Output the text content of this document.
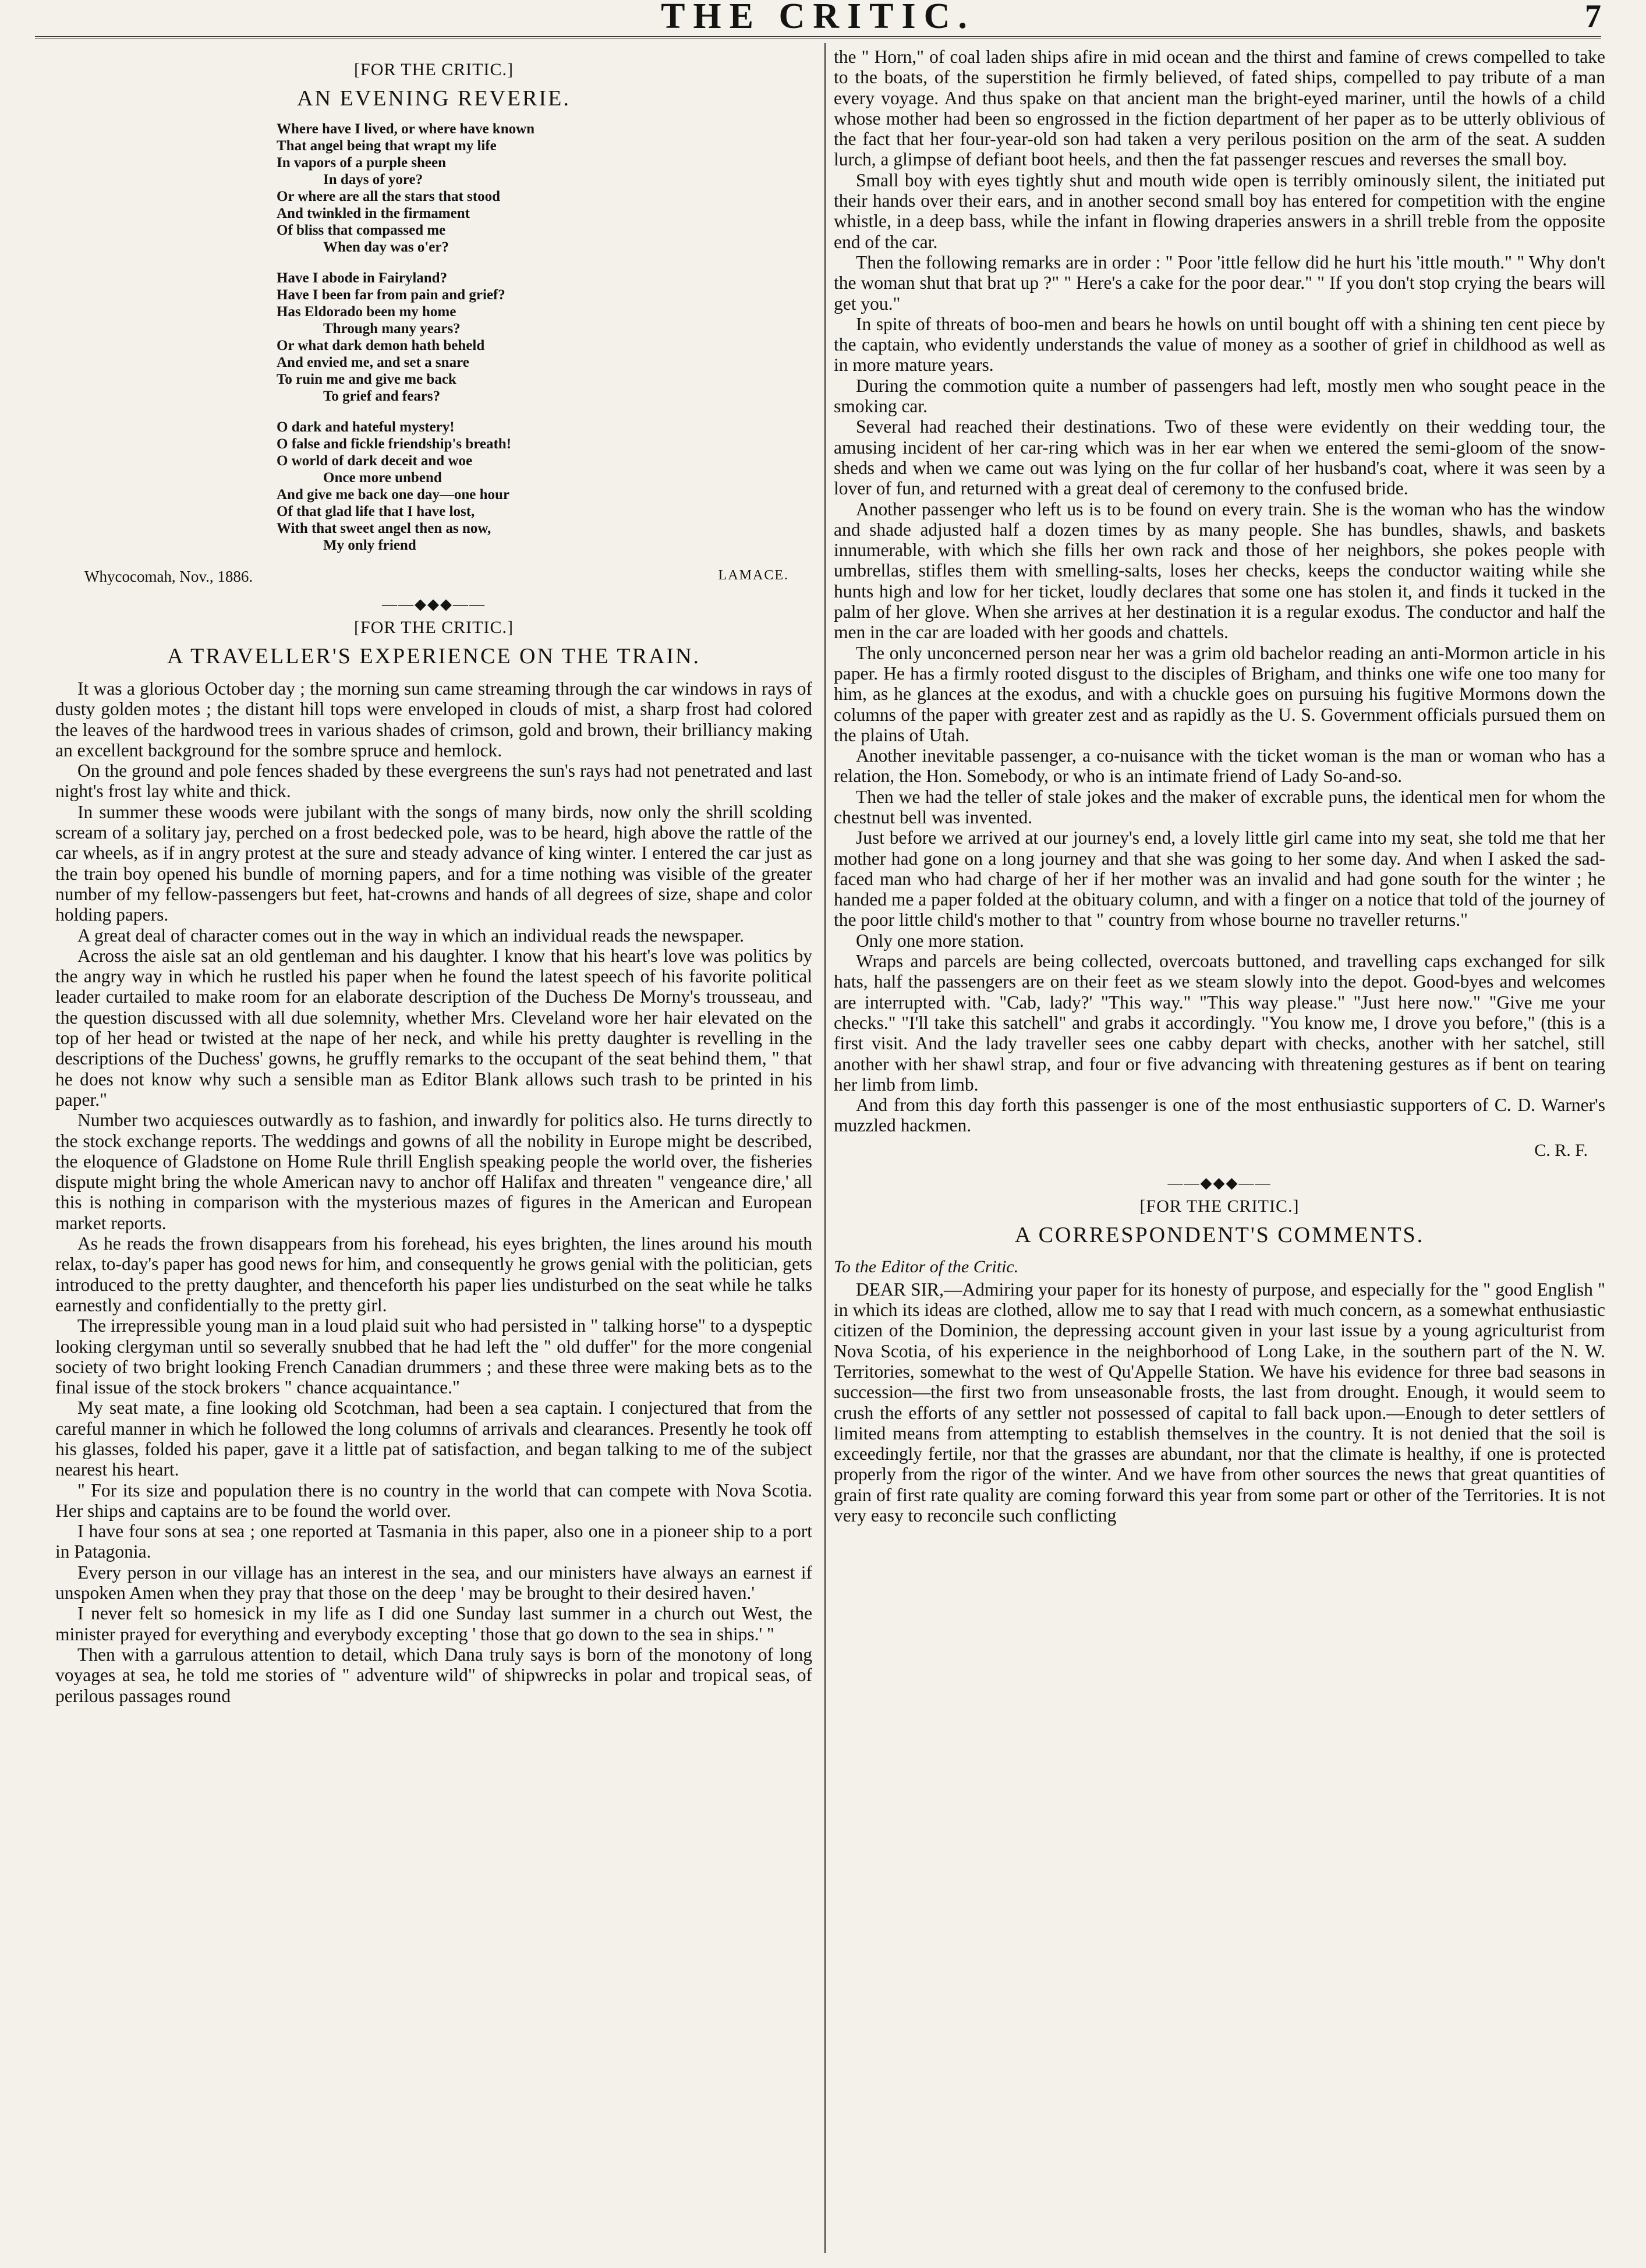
THE CRITIC.	7
[FOR THE CRITIC.]
AN EVENING REVERIE.
Where have I lived, or where have known
That angel being that wrapt my life
In vapors of a purple sheen
In days of yore?
Or where are all the stars that stood
And twinkled in the firmament
Of bliss that compassed me
When day was o'er?
Have I abode in Fairyland?
Have I been far from pain and grief?
Has Eldorado been my home
Through many years?
Or what dark demon hath beheld
And envied me, and set a snare
To ruin me and give me back
To grief and fears?
O dark and hateful mystery!
O false and fickle friendship's breath!
O world of dark deceit and woe
Once more unbend
And give me back one day—one hour
Of that glad life that I have lost,
With that sweet angel then as now,
My only friend
Whycocomah, Nov., 1886.	LAMACE.
——◆◆◆——
[FOR THE CRITIC.]
A TRAVELLER'S EXPERIENCE ON THE TRAIN.

It was a glorious October day ; the morning sun came streaming through the car windows in rays of dusty golden motes ; the distant hill tops were enveloped in clouds of mist, a sharp frost had colored the leaves of the hardwood trees in various shades of crimson, gold and brown, their brilliancy making an excellent background for the sombre spruce and hemlock.

On the ground and pole fences shaded by these evergreens the sun's rays had not penetrated and last night's frost lay white and thick.

In summer these woods were jubilant with the songs of many birds, now only the shrill scolding scream of a solitary jay, perched on a frost bedecked pole, was to be heard, high above the rattle of the car wheels, as if in angry protest at the sure and steady advance of king winter. I entered the car just as the train boy opened his bundle of morning papers, and for a time nothing was visible of the greater number of my fellow-passengers but feet, hat-crowns and hands of all degrees of size, shape and color holding papers.

A great deal of character comes out in the way in which an individual reads the newspaper.

Across the aisle sat an old gentleman and his daughter. I know that his heart's love was politics by the angry way in which he rustled his paper when he found the latest speech of his favorite political leader curtailed to make room for an elaborate description of the Duchess De Morny's trousseau, and the question discussed with all due solemnity, whether Mrs. Cleveland wore her hair elevated on the top of her head or twisted at the nape of her neck, and while his pretty daughter is revelling in the descriptions of the Duchess' gowns, he gruffly remarks to the occupant of the seat behind them, " that he does not know why such a sensible man as Editor Blank allows such trash to be printed in his paper."

Number two acquiesces outwardly as to fashion, and inwardly for politics also. He turns directly to the stock exchange reports. The weddings and gowns of all the nobility in Europe might be described, the eloquence of Gladstone on Home Rule thrill English speaking people the world over, the fisheries dispute might bring the whole American navy to anchor off Halifax and threaten " vengeance dire,' all this is nothing in comparison with the mysterious mazes of figures in the American and European market reports.

As he reads the frown disappears from his forehead, his eyes brighten, the lines around his mouth relax, to-day's paper has good news for him, and consequently he grows genial with the politician, gets introduced to the pretty daughter, and thenceforth his paper lies undisturbed on the seat while he talks earnestly and confidentially to the pretty girl.

The irrepressible young man in a loud plaid suit who had persisted in " talking horse" to a dyspeptic looking clergyman until so severally snubbed that he had left the " old duffer" for the more congenial society of two bright looking French Canadian drummers ; and these three were making bets as to the final issue of the stock brokers " chance acquaintance."

My seat mate, a fine looking old Scotchman, had been a sea captain. I conjectured that from the careful manner in which he followed the long columns of arrivals and clearances. Presently he took off his glasses, folded his paper, gave it a little pat of satisfaction, and began talking to me of the subject nearest his heart.

" For its size and population there is no country in the world that can compete with Nova Scotia. Her ships and captains are to be found the world over.

I have four sons at sea ; one reported at Tasmania in this paper, also one in a pioneer ship to a port in Patagonia.

Every person in our village has an interest in the sea, and our ministers have always an earnest if unspoken Amen when they pray that those on the deep ' may be brought to their desired haven.'

I never felt so homesick in my life as I did one Sunday last summer in a church out West, the minister prayed for everything and everybody excepting ' those that go down to the sea in ships.' "

Then with a garrulous attention to detail, which Dana truly says is born of the monotony of long voyages at sea, he told me stories of " adventure wild" of shipwrecks in polar and tropical seas, of perilous passages round

the " Horn," of coal laden ships afire in mid ocean and the thirst and famine of crews compelled to take to the boats, of the superstition he firmly believed, of fated ships, compelled to pay tribute of a man every voyage. And thus spake on that ancient man the bright-eyed mariner, until the howls of a child whose mother had been so engrossed in the fiction department of her paper as to be utterly oblivious of the fact that her four-year-old son had taken a very perilous position on the arm of the seat. A sudden lurch, a glimpse of defiant boot heels, and then the fat passenger rescues and reverses the small boy.

Small boy with eyes tightly shut and mouth wide open is terribly ominously silent, the initiated put their hands over their ears, and in another second small boy has entered for competition with the engine whistle, in a deep bass, while the infant in flowing draperies answers in a shrill treble from the opposite end of the car.

Then the following remarks are in order : " Poor 'ittle fellow did he hurt his 'ittle mouth." " Why don't the woman shut that brat up ?" " Here's a cake for the poor dear." " If you don't stop crying the bears will get you."

In spite of threats of boo-men and bears he howls on until bought off with a shining ten cent piece by the captain, who evidently understands the value of money as a soother of grief in childhood as well as in more mature years.

During the commotion quite a number of passengers had left, mostly men who sought peace in the smoking car.

Several had reached their destinations. Two of these were evidently on their wedding tour, the amusing incident of her car-ring which was in her ear when we entered the semi-gloom of the snow-sheds and when we came out was lying on the fur collar of her husband's coat, where it was seen by a lover of fun, and returned with a great deal of ceremony to the confused bride.

Another passenger who left us is to be found on every train. She is the woman who has the window and shade adjusted half a dozen times by as many people. She has bundles, shawls, and baskets innumerable, with which she fills her own rack and those of her neighbors, she pokes people with umbrellas, stifles them with smelling-salts, loses her checks, keeps the conductor waiting while she hunts high and low for her ticket, loudly declares that some one has stolen it, and finds it tucked in the palm of her glove. When she arrives at her destination it is a regular exodus. The conductor and half the men in the car are loaded with her goods and chattels.

The only unconcerned person near her was a grim old bachelor reading an anti-Mormon article in his paper. He has a firmly rooted disgust to the disciples of Brigham, and thinks one wife one too many for him, as he glances at the exodus, and with a chuckle goes on pursuing his fugitive Mormons down the columns of the paper with greater zest and as rapidly as the U. S. Government officials pursued them on the plains of Utah.

Another inevitable passenger, a co-nuisance with the ticket woman is the man or woman who has a relation, the Hon. Somebody, or who is an intimate friend of Lady So-and-so.

Then we had the teller of stale jokes and the maker of excrable puns, the identical men for whom the chestnut bell was invented.

Just before we arrived at our journey's end, a lovely little girl came into my seat, she told me that her mother had gone on a long journey and that she was going to her some day. And when I asked the sad-faced man who had charge of her if her mother was an invalid and had gone south for the winter ; he handed me a paper folded at the obituary column, and with a finger on a notice that told of the journey of the poor little child's mother to that " country from whose bourne no traveller returns."

Only one more station.

Wraps and parcels are being collected, overcoats buttoned, and travelling caps exchanged for silk hats, half the passengers are on their feet as we steam slowly into the depot. Good-byes and welcomes are interrupted with. "Cab, lady?' "This way." "This way please." "Just here now." "Give me your checks." "I'll take this satchell" and grabs it accordingly. "You know me, I drove you before," (this is a first visit. And the lady traveller sees one cabby depart with checks, another with her satchel, still another with her shawl strap, and four or five advancing with threatening gestures as if bent on tearing her limb from limb.

And from this day forth this passenger is one of the most enthusiastic supporters of C. D. Warner's muzzled hackmen.

C. R. F.
——◆◆◆——
[FOR THE CRITIC.]
A CORRESPONDENT'S COMMENTS.
To the Editor of the Critic.

DEAR SIR,—Admiring your paper for its honesty of purpose, and especially for the " good English " in which its ideas are clothed, allow me to say that I read with much concern, as a somewhat enthusiastic citizen of the Dominion, the depressing account given in your last issue by a young agriculturist from Nova Scotia, of his experience in the neighborhood of Long Lake, in the southern part of the N. W. Territories, somewhat to the west of Qu'Appelle Station. We have his evidence for three bad seasons in succession—the first two from unseasonable frosts, the last from drought. Enough, it would seem to crush the efforts of any settler not possessed of capital to fall back upon.—Enough to deter settlers of limited means from attempting to establish themselves in the country. It is not denied that the soil is exceedingly fertile, nor that the grasses are abundant, nor that the climate is healthy, if one is protected properly from the rigor of the winter. And we have from other sources the news that great quantities of grain of first rate quality are coming forward this year from some part or other of the Territories. It is not very easy to reconcile such conflicting
